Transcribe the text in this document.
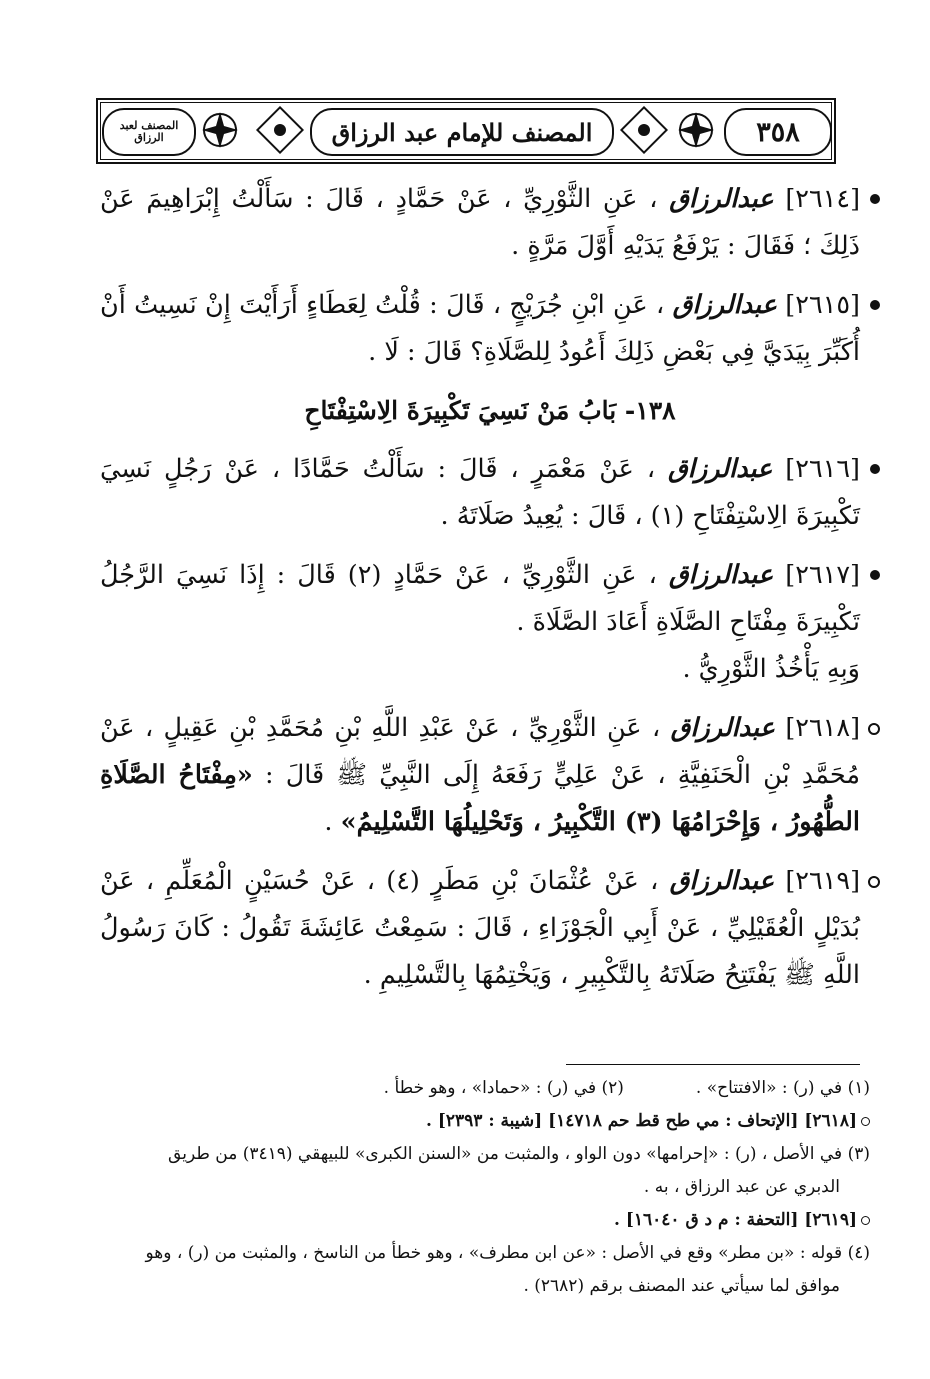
المصنف لعبد الرزاق	المصنف للإمام عبد الرزاق	٣٥٨
[٢٦١٤] عبدالرزاق ، عَنِ الثَّوْرِيِّ ، عَنْ حَمَّادٍ ، قَالَ : سَأَلْتُ إِبْرَاهِيمَ عَنْ ذَلِكَ ؛ فَقَالَ : يَرْفَعُ يَدَيْهِ أَوَّلَ مَرَّةٍ .
[٢٦١٥] عبدالرزاق ، عَنِ ابْنِ جُرَيْجٍ ، قَالَ : قُلْتُ لِعَطَاءٍ أَرَأَيْتَ إِنْ نَسِيتُ أَنْ أُكَبِّرَ بِيَدَيَّ فِي بَعْضِ ذَلِكَ أَعُودُ لِلصَّلَاةِ؟ قَالَ : لَا .
١٣٨- بَابُ مَنْ نَسِيَ تَكْبِيرَةَ الِاسْتِفْتَاحِ
[٢٦١٦] عبدالرزاق ، عَنْ مَعْمَرٍ ، قَالَ : سَأَلْتُ حَمَّادًا ، عَنْ رَجُلٍ نَسِيَ تَكْبِيرَةَ الِاسْتِفْتَاحِ (١) ، قَالَ : يُعِيدُ صَلَاتَهُ .
[٢٦١٧] عبدالرزاق ، عَنِ الثَّوْرِيِّ ، عَنْ حَمَّادٍ (٢) قَالَ : إِذَا نَسِيَ الرَّجُلُ تَكْبِيرَةَ مِفْتَاحِ الصَّلَاةِ أَعَادَ الصَّلَاةَ .
وَبِهِ يَأْخُذُ الثَّوْرِيُّ .
[٢٦١٨] عبدالرزاق ، عَنِ الثَّوْرِيِّ ، عَنْ عَبْدِ اللَّهِ بْنِ مُحَمَّدِ بْنِ عَقِيلٍ ، عَنْ مُحَمَّدِ بْنِ الْحَنَفِيَّةِ ، عَنْ عَلِيٍّ رَفَعَهُ إِلَى النَّبِيِّ ﷺ قَالَ : «مِفْتَاحُ الصَّلَاةِ الطُّهُورُ ، وَإِحْرَامُهَا (٣) التَّكْبِيرُ ، وَتَحْلِيلُهَا التَّسْلِيمُ» .
[٢٦١٩] عبدالرزاق ، عَنْ عُثْمَانَ بْنِ مَطَرٍ (٤) ، عَنْ حُسَيْنٍ الْمُعَلِّمِ ، عَنْ بُدَيْلٍ الْعُقَيْلِيِّ ، عَنْ أَبِي الْجَوْزَاءِ ، قَالَ : سَمِعْتُ عَائِشَةَ تَقُولُ : كَانَ رَسُولُ اللَّهِ ﷺ يَفْتَتِحُ صَلَاتَهُ بِالتَّكْبِيرِ ، وَيَخْتِمُهَا بِالتَّسْلِيمِ .

(١) في (ر) : «الافتتاح» .

(٢) في (ر) : «حمادا» ، وهو خطأ .

[٢٦١٨] [الإتحاف : مي طح قط حم ١٤٧١٨] [شيبة : ٢٣٩٣] .

(٣) في الأصل ، (ر) : «إحرامها» دون الواو ، والمثبت من «السنن الكبرى» للبيهقي (٣٤١٩) من طريق

الدبري عن عبد الرزاق ، به .

[٢٦١٩] [التحفة : م د ق ١٦٠٤٠] .

(٤) قوله : «بن مطر» وقع في الأصل : «عن ابن مطرف» ، وهو خطأ من الناسخ ، والمثبت من (ر) ، وهو

موافق لما سيأتي عند المصنف برقم (٢٦٨٢) .
